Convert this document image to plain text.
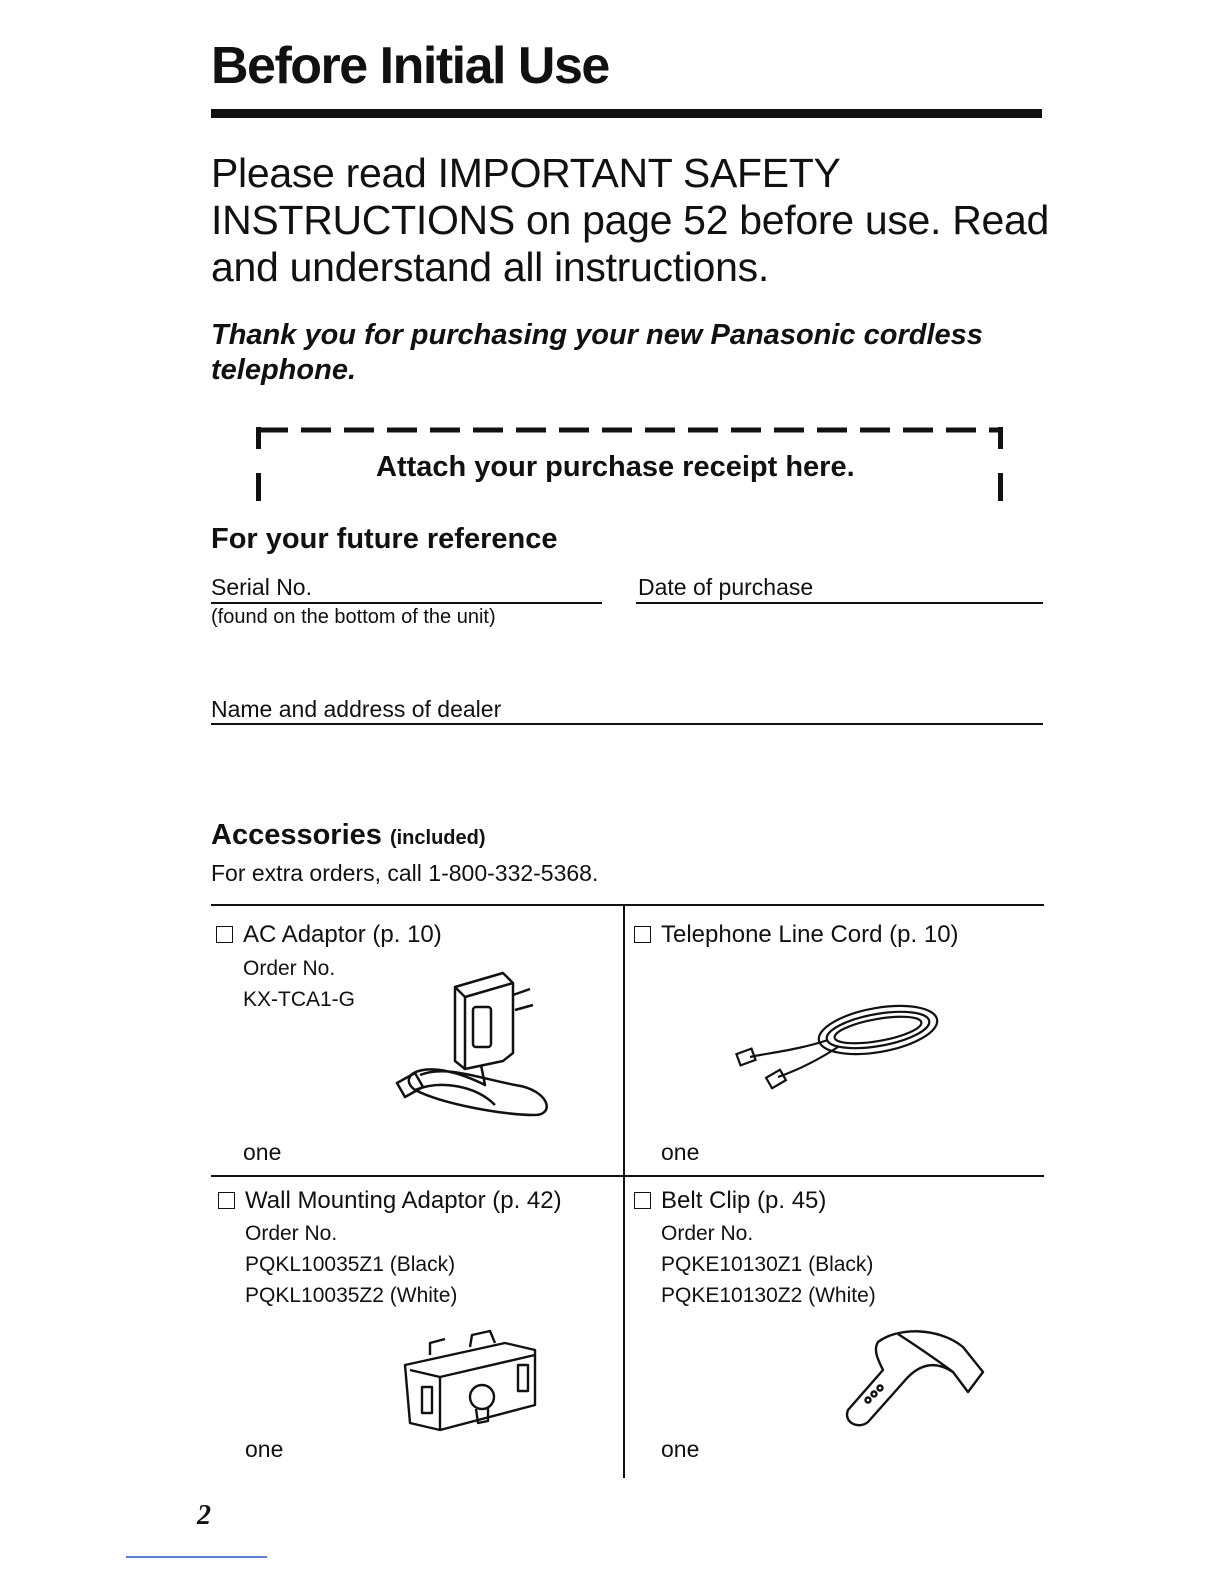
Before Initial Use
Please read IMPORTANT SAFETY INSTRUCTIONS on page 52 before use. Read and understand all instructions.
Thank you for purchasing your new Panasonic cordless telephone.
Attach your purchase receipt here.
For your future reference
Serial No.
(found on the bottom of the unit)
Date of purchase
Name and address of dealer
Accessories (included)
For extra orders, call 1-800-332-5368.
AC Adaptor (p. 10)
Order No.
KX-TCA1-G
one
Telephone Line Cord (p. 10)
one
Wall Mounting Adaptor (p. 42)
Order No.
PQKL10035Z1 (Black)
PQKL10035Z2 (White)
one
Belt Clip (p. 45)
Order No.
PQKE10130Z1 (Black)
PQKE10130Z2 (White)
one
2
